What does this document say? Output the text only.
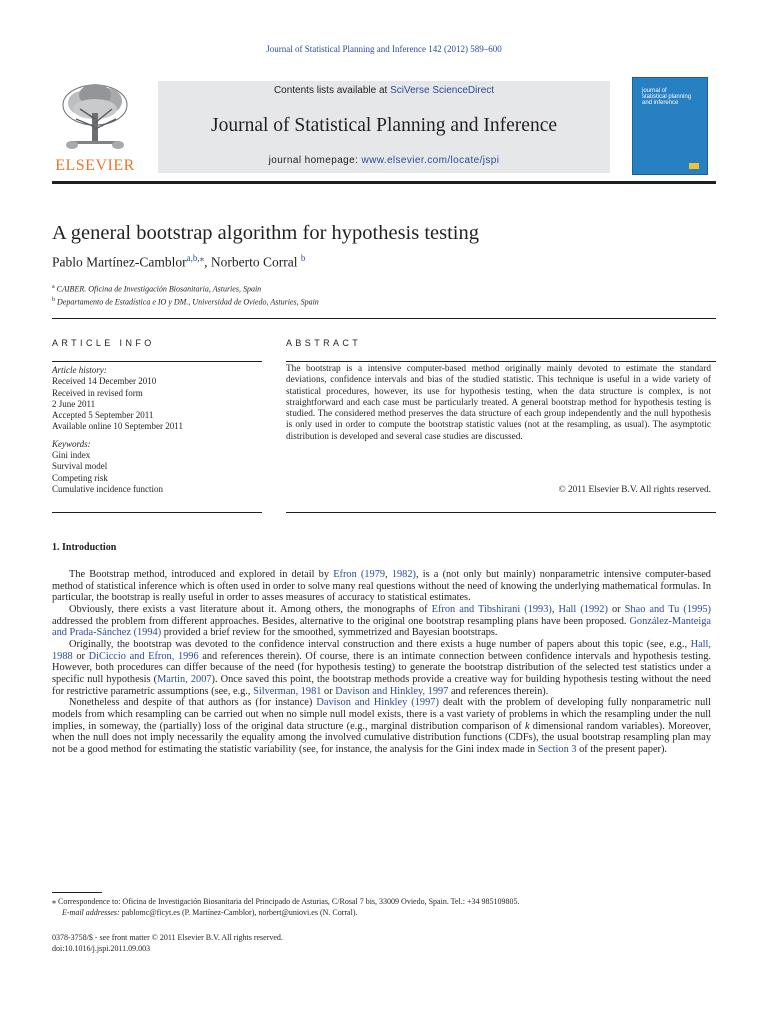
Journal of Statistical Planning and Inference 142 (2012) 589–600
ELSEVIER
Contents lists available at SciVerse ScienceDirect
Journal of Statistical Planning and Inference
journal homepage: www.elsevier.com/locate/jspi
journal of
statistical planning
and inference
A general bootstrap algorithm for hypothesis testing
Pablo Martínez-Camblor$^{a,b,⁎}$, Norberto Corral $^b$
$^a$ CAIBER. Oficina de Investigación Biosanitaria, Asturies, Spain
$^b$ Departamento de Estadística e IO y DM., Universidad de Oviedo, Asturies, Spain
ARTICLE INFO	ABSTRACT
Article history:
Received 14 December 2010
Received in revised form
2 June 2011
Accepted 5 September 2011
Available online 10 September 2011
Keywords:
Gini index
Survival model
Competing risk
Cumulative incidence function
The bootstrap is a intensive computer-based method originally mainly devoted to estimate the standard deviations, confidence intervals and bias of the studied statistic. This technique is useful in a wide variety of statistical procedures, however, its use for hypothesis testing, when the data structure is complex, is not straightforward and each case must be particularly treated. A general bootstrap method for hypothesis testing is studied. The considered method preserves the data structure of each group independently and the null hypothesis is only used in order to compute the bootstrap statistic values (not at the resampling, as usual). The asymptotic distribution is developed and several case studies are discussed.
© 2011 Elsevier B.V. All rights reserved.
1. Introduction

The Bootstrap method, introduced and explored in detail by Efron (1979, 1982), is a (not only but mainly) nonparametric intensive computer-based method of statistical inference which is often used in order to solve many real questions without the need of knowing the underlying mathematical formulas. In particular, the bootstrap is really useful in order to asses measures of accuracy to statistical estimates.

Obviously, there exists a vast literature about it. Among others, the monographs of Efron and Tibshirani (1993), Hall (1992) or Shao and Tu (1995) addressed the problem from different approaches. Besides, alternative to the original one bootstrap resampling plans have been proposed. González-Manteiga and Prada-Sánchez (1994) provided a brief review for the smoothed, symmetrized and Bayesian bootstraps.

Originally, the bootstrap was devoted to the confidence interval construction and there exists a huge number of papers about this topic (see, e.g., Hall, 1988 or DiCiccio and Efron, 1996 and references therein). Of course, there is an intimate connection between confidence intervals and hypothesis testing. However, both procedures can differ because of the need (for hypothesis testing) to generate the bootstrap distribution of the selected test statistics under a specific null hypothesis (Martin, 2007). Once saved this point, the bootstrap methods provide a creative way for building hypothesis testing without the need for restrictive parametric assumptions (see, e.g., Silverman, 1981 or Davison and Hinkley, 1997 and references therein).

Nonetheless and despite of that authors as (for instance) Davison and Hinkley (1997) dealt with the problem of developing fully nonparametric null models from which resampling can be carried out when no simple null model exists, there is a vast variety of problems in which the resampling under the null implies, in someway, the (partially) loss of the original data structure (e.g., marginal distribution comparison of k dimensional random variables). Moreover, when the null does not imply necessarily the equality among the involved cumulative distribution functions (CDFs), the usual bootstrap resampling plan may not be a good method for estimating the statistic variability (see, for instance, the analysis for the Gini index made in Section 3 of the present paper).

⁎ Correspondence to: Oficina de Investigación Biosanitaria del Principado de Asturias, C/Rosal 7 bis, 33009 Oviedo, Spain. Tel.: +34 985109805.
E-mail addresses: pablomc@ficyt.es (P. Martínez-Camblor), norbert@uniovi.es (N. Corral).
0378-3758/$ - see front matter © 2011 Elsevier B.V. All rights reserved.
doi:10.1016/j.jspi.2011.09.003
